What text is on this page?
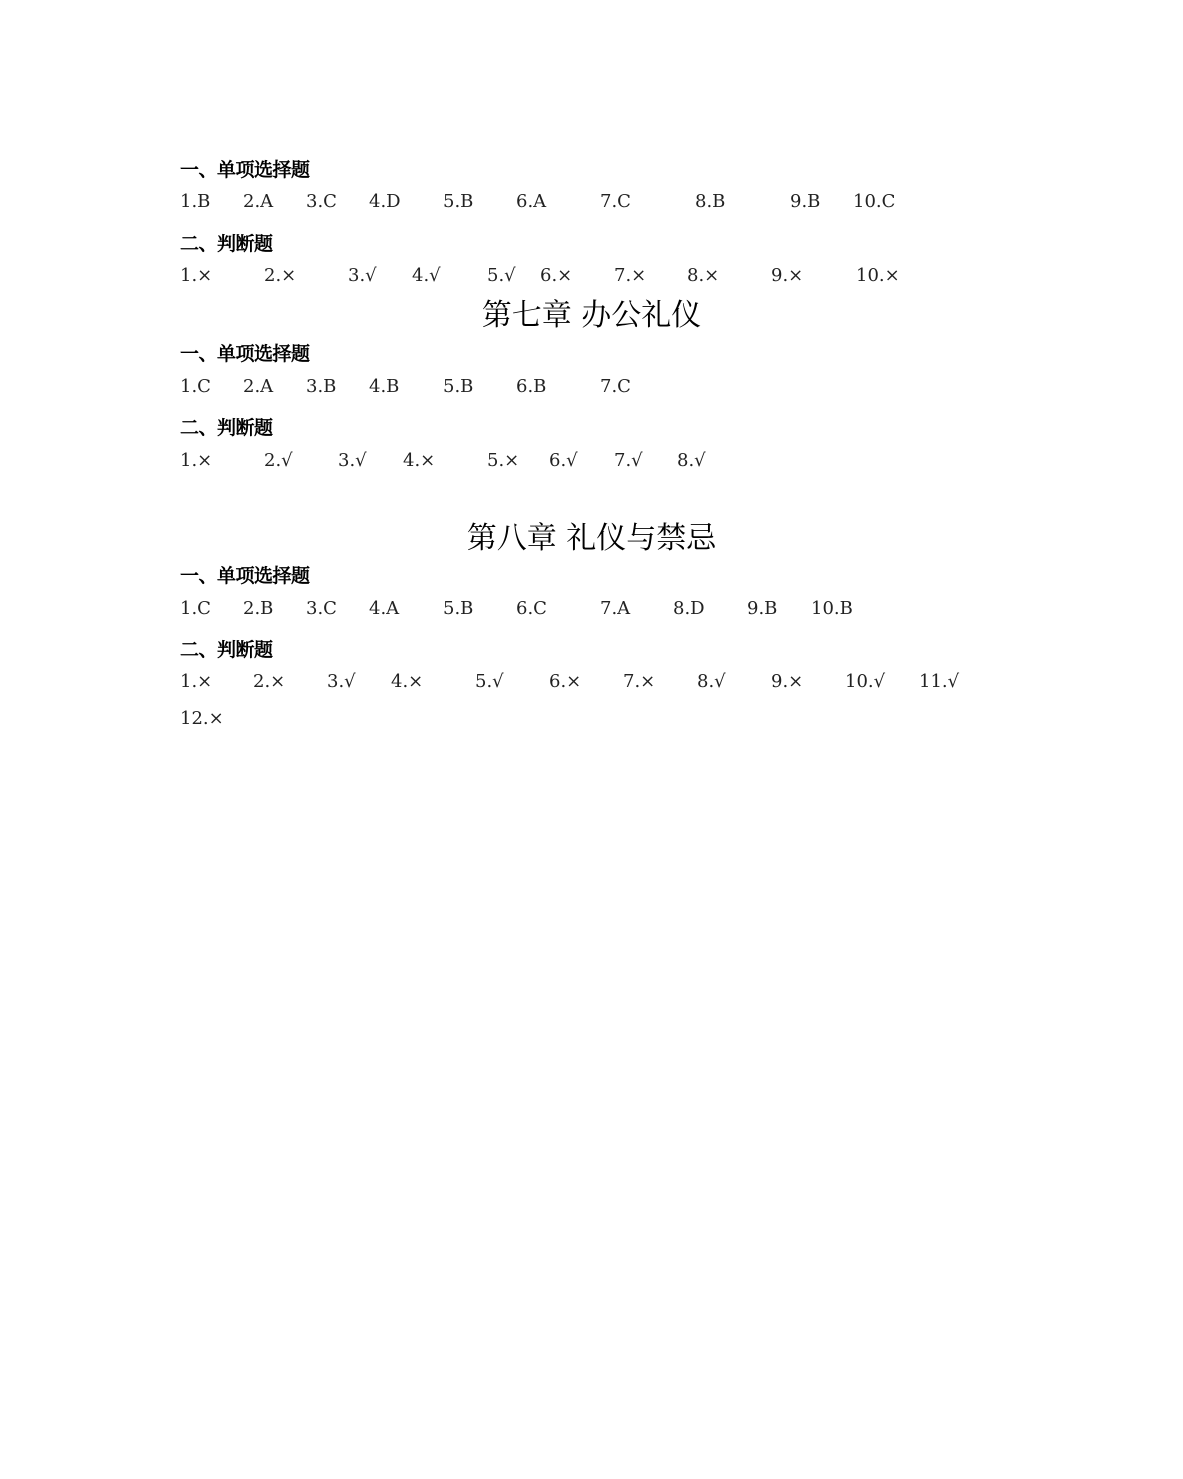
一、单项选择题
1.B 2.A 3.C 4.D 5.B 6.A	7.C	8.B	9.B 10.C
二、判断题
1.×	2.×	3.√ 4.√	5.√ 6.× 7.× 8.×	9.×	10.×
第七章 办公礼仪
一、单项选择题
1.C 2.A 3.B 4.B 5.B 6.B	7.C
二、判断题
1.×	2.√	3.√ 4.×	5.× 6.√ 7.√ 8.√
第八章 礼仪与禁忌
一、单项选择题
1.C 2.B 3.C 4.A 5.B 6.C	7.A 8.D 9.B 10.B
二、判断题
1.× 2.× 3.√ 4.×	5.√	6.× 7.× 8.√	9.× 10.√ 11.√
12.×
